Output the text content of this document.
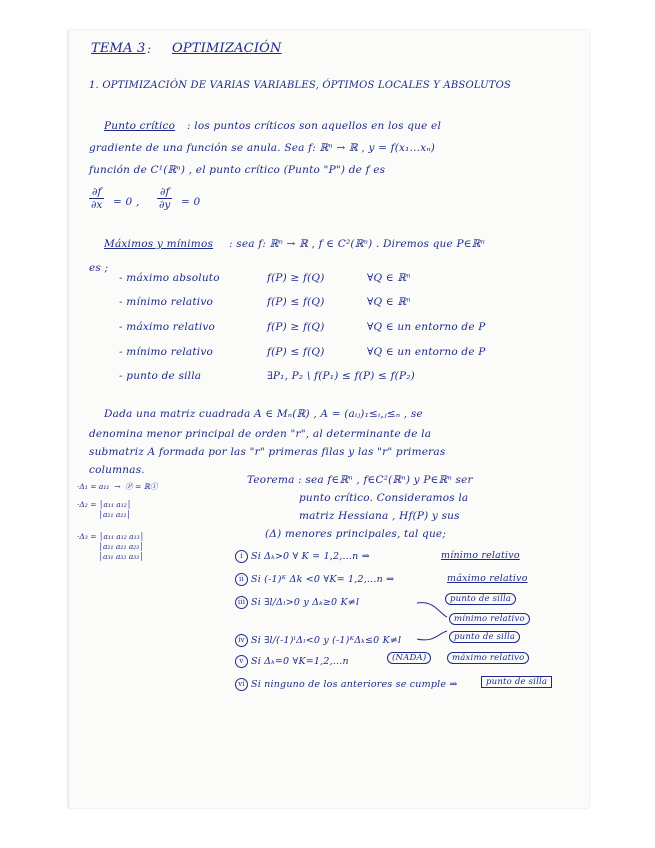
TEMA 3 : OPTIMIZACIÓN
1. OPTIMIZACIÓN DE VARIAS VARIABLES, ÓPTIMOS LOCALES Y ABSOLUTOS
Punto crítico : los puntos críticos son aquellos en los que el
gradiente de una función se anula. Sea f: ℝⁿ → ℝ , y = f(x₁...xₙ)
función de C¹(ℝⁿ) , el punto crítico (Punto "P") de f es
$\frac{\partial f}{\partial x} = 0$ , $\frac{\partial f}{\partial y} = 0$
Máximos y mínimos : sea f: ℝⁿ → ℝ , f ∈ C²(ℝⁿ) . Diremos que P∈ℝⁿ
es ;
- máximo absoluto	f(P) ≥ f(Q)	∀Q ∈ ℝⁿ
- mínimo relativo	f(P) ≤ f(Q)	∀Q ∈ ℝⁿ
- máximo relativo	f(P) ≥ f(Q)	∀Q ∈ un entorno de P
- mínimo relativo	f(P) ≤ f(Q)	∀Q ∈ un entorno de P
- punto de silla	∃P₁, P₂ \ f(P₁) ≤ f(P) ≤ f(P₂)
Dada una matriz cuadrada A ∈ Mₙ(ℝ) , A = (aᵢⱼ)₁≤ᵢ,ⱼ≤ₙ , se
denomina menor principal de orden "r", al determinante de la
submatriz A formada por las "r" primeras filas y las "r" primeras
columnas.
·Δ₁ = a₁₁  →  Ⓟ = ℝ①
·Δ₂ = │a₁₁ a₁₂│
│a₂₁ a₂₂│
·Δ₃ = │a₁₁ a₁₂ a₁₃│
│a₂₁ a₂₂ a₂₃│
│a₃₁ a₃₂ a₃₃│
Teorema : sea f∈ℝⁿ , f∈C²(ℝⁿ) y P∈ℝⁿ ser
punto crítico. Consideramos la
matriz Hessiana , Hf(P) y sus
(Δ) menores principales, tal que;
i Si Δₖ>0 ∀ K = 1,2,...n ⇒	mínimo relativo
ii Si (-1)ᴷ Δk <0 ∀K= 1,2,...n ⇒	máximo relativo
iii Si ∃l/Δₗ>0 y Δₖ≥0 K≠l	punto de silla
mínimo relativo
iv Si ∃l/(-1)ˡΔₗ<0 y (-1)ᴷΔₖ≤0 K≠l	punto de silla
v Si Δₖ=0 ∀K=1,2,...n	(NADA)	máximo relativo
vi Si ninguno de los anteriores se cumple ⇒	punto de silla
